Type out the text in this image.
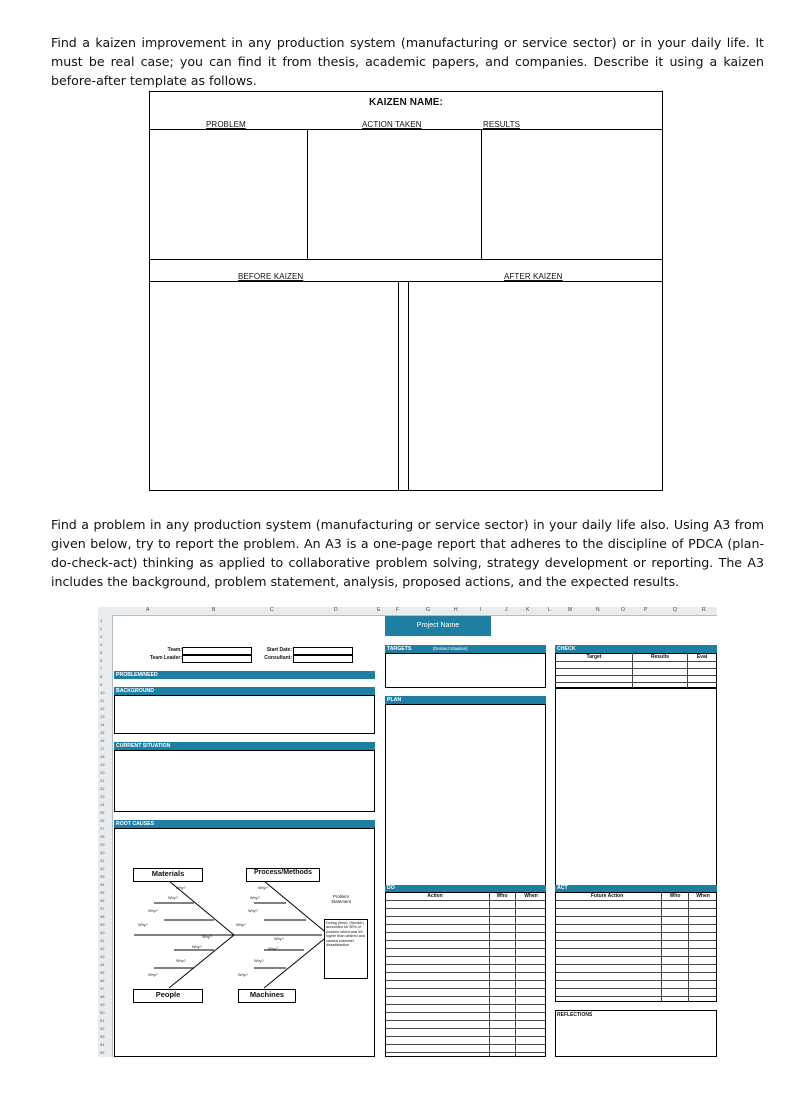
Find a kaizen improvement in any production system (manufacturing or service sector) or in your daily life. It must be real case; you can find it from thesis, academic papers, and companies. Describe it using a kaizen before-after template as follows.
KAIZEN NAME:
PROBLEM	ACTION TAKEN	RESULTS
BEFORE KAIZEN	AFTER KAIZEN
Find a problem in any production system (manufacturing or service sector) in your daily life also. Using A3 from given below, try to report the problem. An A3 is a one-page report that adheres to the discipline of PDCA (plan-do-check-act) thinking as applied to collaborative problem solving, strategy development or reporting. The A3 includes the background, problem statement, analysis, proposed actions, and the expected results.
A	B	C	D	E	F	G	H	I	J	K	L	M	N	O	P	Q	R
1
2
3
4
5
6
7
8
9
10
11
12
13
14
15
16
17
18
19
20
21
22
23
24
25
26
27
28
29
30
31
32
33
34
35
36
37
38
39
40
41
42
43
44
45
46
47
48
49
50
51
52
53
54
55
Project Name
Team:
Team Leader:
Start Date:
Consultant:
PROBLEM/NEED
BACKGROUND
CURRENT SITUATION
ROOT CAUSES
Materials	Process/Methods
People	Machines
Problem Statement
During (time), (Sender) accounted for 50% of problem which was 5X higher than desired and caused customer dissatisfaction
Why?
Why?
Why?
Why?
Why?
Why?
Why?
Why?
Why?
Why?
Why?
Why?
Why?
Why?
Why?
Why?
TARGETS	(Desired Situation)
PLAN
DO
Action	Who	When
CHECK
Target	Results	Eval
ACT
Future Action	Who	When
REFLECTIONS
